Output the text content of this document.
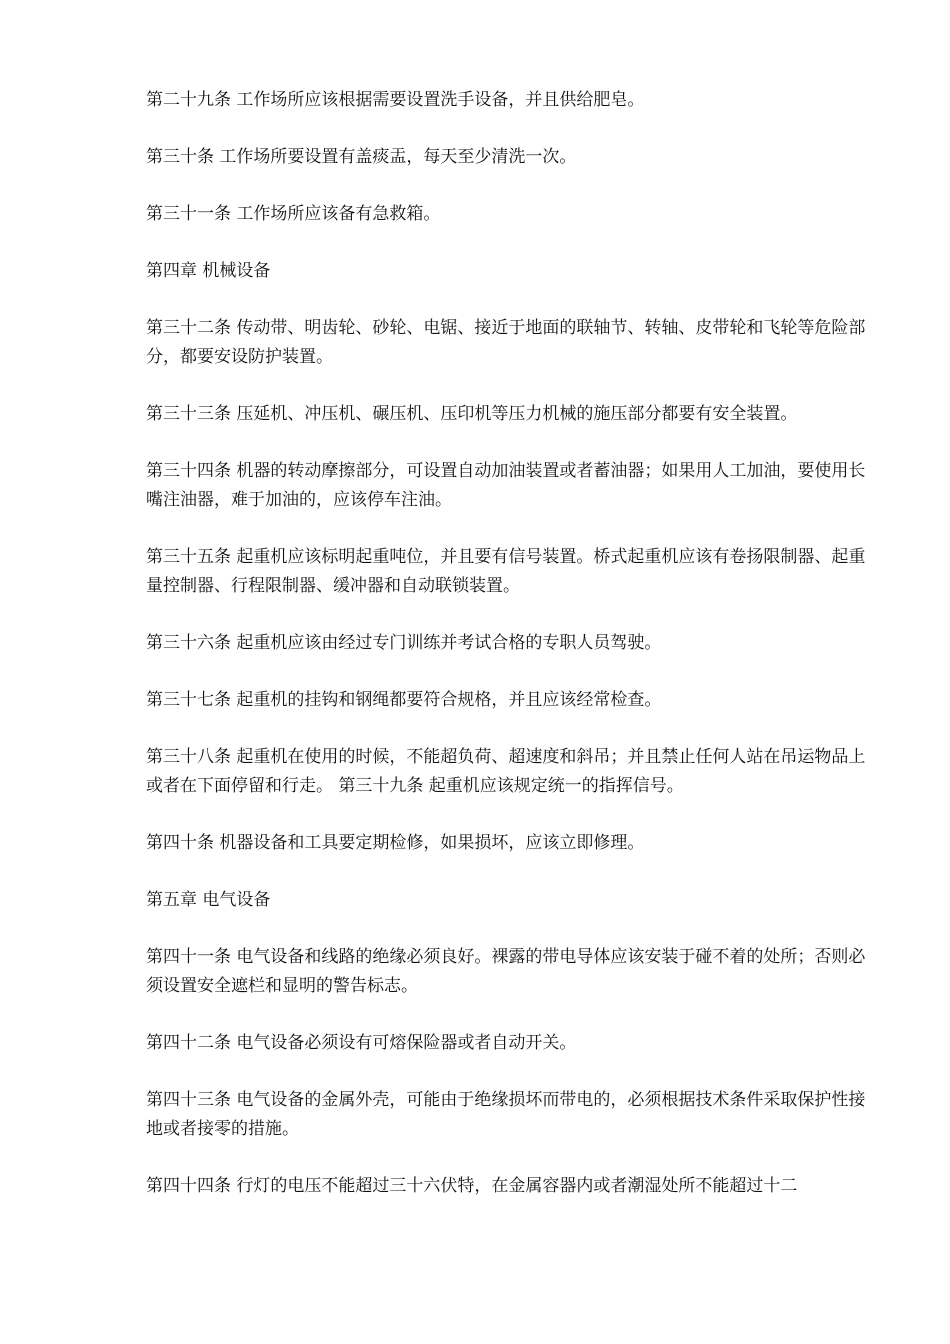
第二十九条 工作场所应该根据需要设置洗手设备，并且供给肥皂。

第三十条 工作场所要设置有盖痰盂，每天至少清洗一次。

第三十一条 工作场所应该备有急救箱。

第四章 机械设备

第三十二条 传动带、明齿轮、砂轮、电锯、接近于地面的联轴节、转轴、皮带轮和飞轮等危险部分，都要安设防护装置。

第三十三条 压延机、冲压机、碾压机、压印机等压力机械的施压部分都要有安全装置。

第三十四条 机器的转动摩擦部分，可设置自动加油装置或者蓄油器；如果用人工加油，要使用长嘴注油器，难于加油的，应该停车注油。

第三十五条 起重机应该标明起重吨位，并且要有信号装置。桥式起重机应该有卷扬限制器、起重量控制器、行程限制器、缓冲器和自动联锁装置。

第三十六条 起重机应该由经过专门训练并考试合格的专职人员驾驶。

第三十七条 起重机的挂钩和钢绳都要符合规格，并且应该经常检查。

第三十八条 起重机在使用的时候，不能超负荷、超速度和斜吊；并且禁止任何人站在吊运物品上或者在下面停留和行走。 第三十九条 起重机应该规定统一的指挥信号。

第四十条 机器设备和工具要定期检修，如果损坏，应该立即修理。

第五章 电气设备

第四十一条 电气设备和线路的绝缘必须良好。裸露的带电导体应该安装于碰不着的处所；否则必须设置安全遮栏和显明的警告标志。

第四十二条 电气设备必须设有可熔保险器或者自动开关。

第四十三条 电气设备的金属外壳，可能由于绝缘损坏而带电的，必须根据技术条件采取保护性接地或者接零的措施。

第四十四条 行灯的电压不能超过三十六伏特，在金属容器内或者潮湿处所不能超过十二
